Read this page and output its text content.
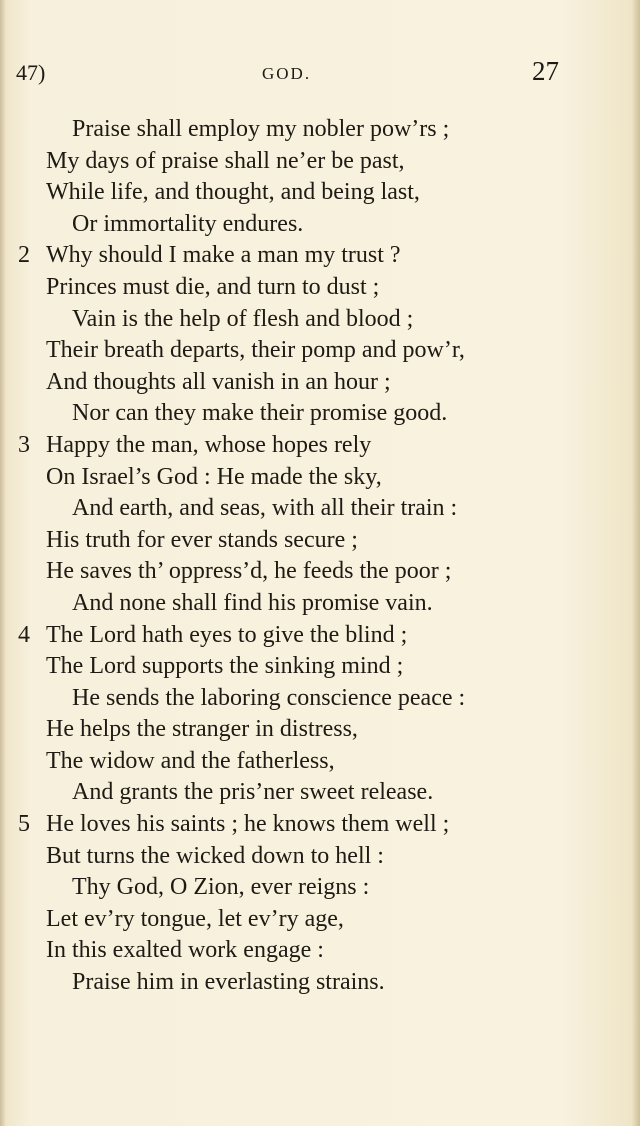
47)	GOD.	27
Praise shall employ my nobler pow’rs ;
My days of praise shall ne’er be past,
While life, and thought, and being last,
Or immortality endures.
2 Why should I make a man my trust ?
Princes must die, and turn to dust ;
Vain is the help of flesh and blood ;
Their breath departs, their pomp and pow’r,
And thoughts all vanish in an hour ;
Nor can they make their promise good.
3 Happy the man, whose hopes rely
On Israel’s God : He made the sky,
And earth, and seas, with all their train :
His truth for ever stands secure ;
He saves th’ oppress’d, he feeds the poor ;
And none shall find his promise vain.
4 The Lord hath eyes to give the blind ;
The Lord supports the sinking mind ;
He sends the laboring conscience peace :
He helps the stranger in distress,
The widow and the fatherless,
And grants the pris’ner sweet release.
5 He loves his saints ; he knows them well ;
But turns the wicked down to hell :
Thy God, O Zion, ever reigns :
Let ev’ry tongue, let ev’ry age,
In this exalted work engage :
Praise him in everlasting strains.
